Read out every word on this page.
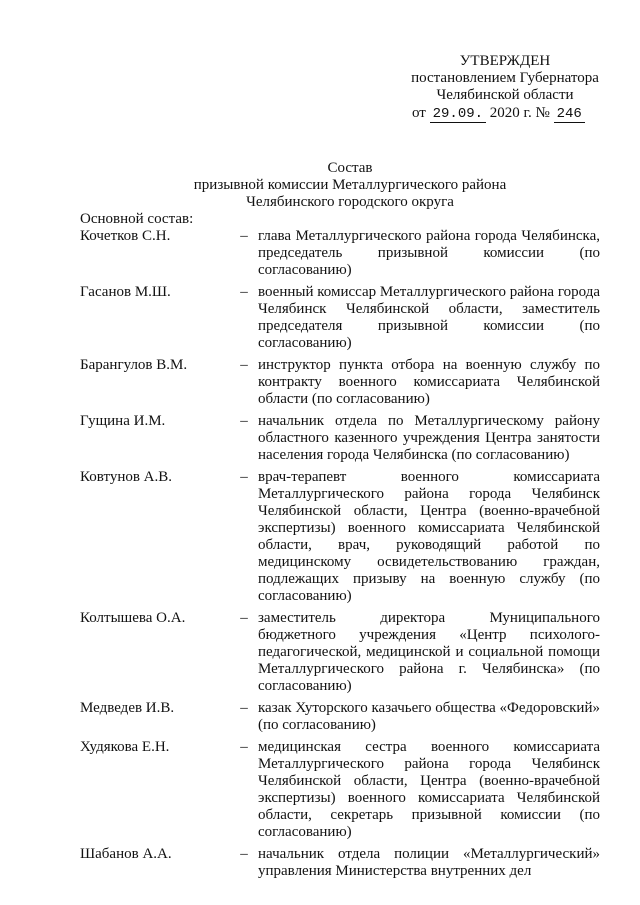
УТВЕРЖДЕН
постановлением Губернатора
Челябинской области
от 29.09. 2020 г. № 246
Состав
призывной комиссии Металлургического района
Челябинского городского округа
Основной состав:
Кочетков С.Н.	– глава Металлургического района города Челябинска, председатель призывной комиссии (по согласованию)
Гасанов М.Ш.	– военный комиссар Металлургического района города Челябинск Челябинской области, заместитель председателя призывной комиссии (по согласованию)
Барангулов В.М.	– инструктор пункта отбора на военную службу по контракту военного комиссариата Челябинской области (по согласованию)
Гущина И.М.	– начальник отдела по Металлургическому району областного казенного учреждения Центра занятости населения города Челябинска (по согласованию)
Ковтунов А.В.	– врач-терапевт военного комиссариата Металлургического района города Челябинск Челябинской области, Центра (военно-врачебной экспертизы) военного комиссариата Челябинской области, врач, руководящий работой по медицинскому освидетельствованию граждан, подлежащих призыву на военную службу (по согласованию)
Колтышева О.А.	– заместитель директора Муниципального бюджетного учреждения «Центр психолого-педагогической, медицинской и социальной помощи Металлургического района г. Челябинска» (по согласованию)
Медведев И.В.	– казак Хуторского казачьего общества «Федоровский» (по согласованию)
Худякова Е.Н.	– медицинская сестра военного комиссариата Металлургического района города Челябинск Челябинской области, Центра (военно-врачебной экспертизы) военного комиссариата Челябинской области, секретарь призывной комиссии (по согласованию)
Шабанов А.А.	– начальник отдела полиции «Металлургический» управления Министерства внутренних дел
